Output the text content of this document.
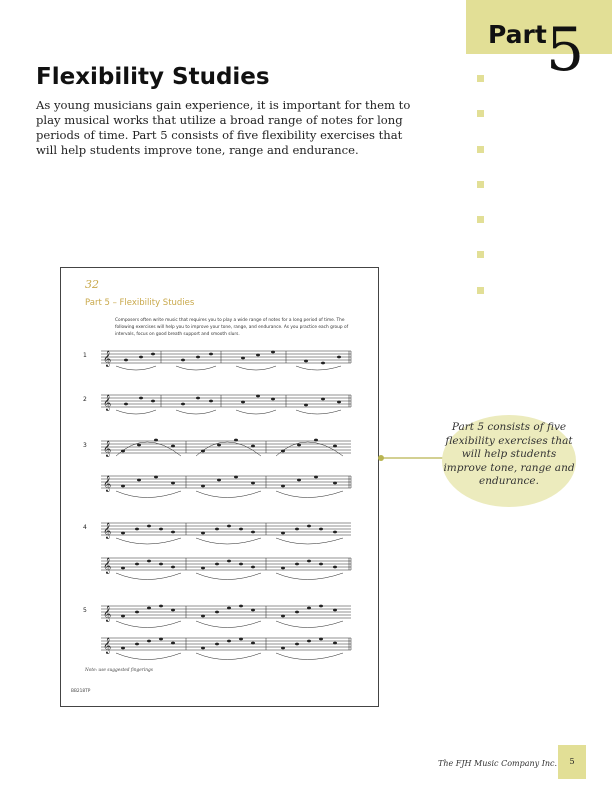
Part 5
Flexibility Studies
As young musicians gain experience, it is important for them to play musical works that utilize a broad range of notes for long periods of time. Part 5 consists of five flexibility exercises that will help students improve tone, range and endurance.
32
Part 5 – Flexibility Studies
Composers often write music that requires you to play a wide range of notes for a long period of time. The following exercises will help you to improve your tone, range, and endurance. As you practice each group of intervals, focus on good breath support and smooth slurs.
1
2
3
4
5
𝄞
𝄞
𝄞
𝄞
𝄞
𝄞
𝄞
𝄞
Note: use suggested fingerings
BB218TP
Part 5 consists of five flexibility exercises that will help students improve tone, range and endurance.
The FJH Music Company Inc.	5
